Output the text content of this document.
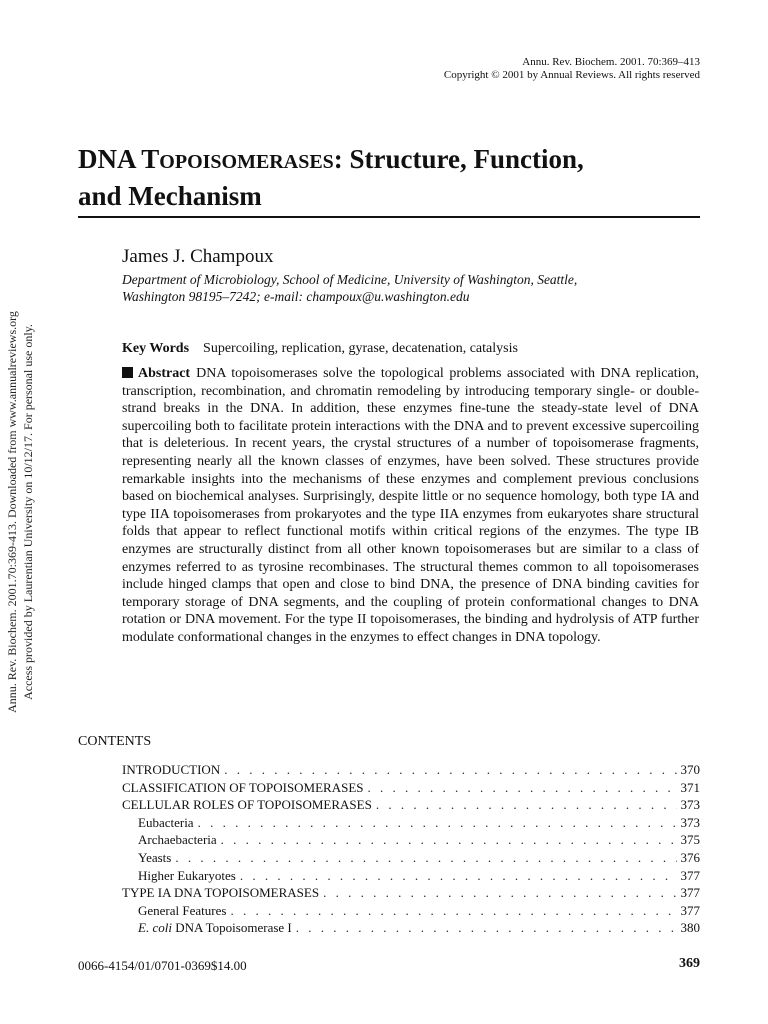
Annu. Rev. Biochem. 2001.70:369-413. Downloaded from www.annualreviews.org Access provided by Laurentian University on 10/12/17. For personal use only.
Annu. Rev. Biochem. 2001. 70:369–413
Copyright © 2001 by Annual Reviews. All rights reserved
DNA TOPOISOMERASES: Structure, Function,
and Mechanism
James J. Champoux
Department of Microbiology, School of Medicine, University of Washington, Seattle,
Washington 98195–7242; e-mail: champoux@u.washington.edu
Key Words Supercoiling, replication, gyrase, decatenation, catalysis
Abstract DNA topoisomerases solve the topological problems associated with DNA replication, transcription, recombination, and chromatin remodeling by introducing temporary single- or double-strand breaks in the DNA. In addition, these enzymes fine-tune the steady-state level of DNA supercoiling both to facilitate protein interactions with the DNA and to prevent excessive supercoiling that is deleterious. In recent years, the crystal structures of a number of topoisomerase fragments, representing nearly all the known classes of enzymes, have been solved. These structures provide remarkable insights into the mechanisms of these enzymes and complement previous conclusions based on biochemical analyses. Surprisingly, despite little or no sequence homology, both type IA and type IIA topoisomerases from prokaryotes and the type IIA enzymes from eukaryotes share structural folds that appear to reflect functional motifs within critical regions of the enzymes. The type IB enzymes are structurally distinct from all other known topoisomerases but are similar to a class of enzymes referred to as tyrosine recombinases. The structural themes common to all topoisomerases include hinged clamps that open and close to bind DNA, the presence of DNA binding cavities for temporary storage of DNA segments, and the coupling of protein conformational changes to DNA rotation or DNA movement. For the type II topoisomerases, the binding and hydrolysis of ATP further modulate conformational changes in the enzymes to effect changes in DNA topology.
CONTENTS
INTRODUCTION . . .	370
CLASSIFICATION OF TOPOISOMERASES . . .	371
CELLULAR ROLES OF TOPOISOMERASES . . .	373
Eubacteria . . .	373
Archaebacteria . . .	375
Yeasts . . .	376
Higher Eukaryotes . . .	377
TYPE IA DNA TOPOISOMERASES . . .	377
General Features . . .	377
E. coli DNA Topoisomerase I . . .	380
0066-4154/01/0701-0369$14.00	369
